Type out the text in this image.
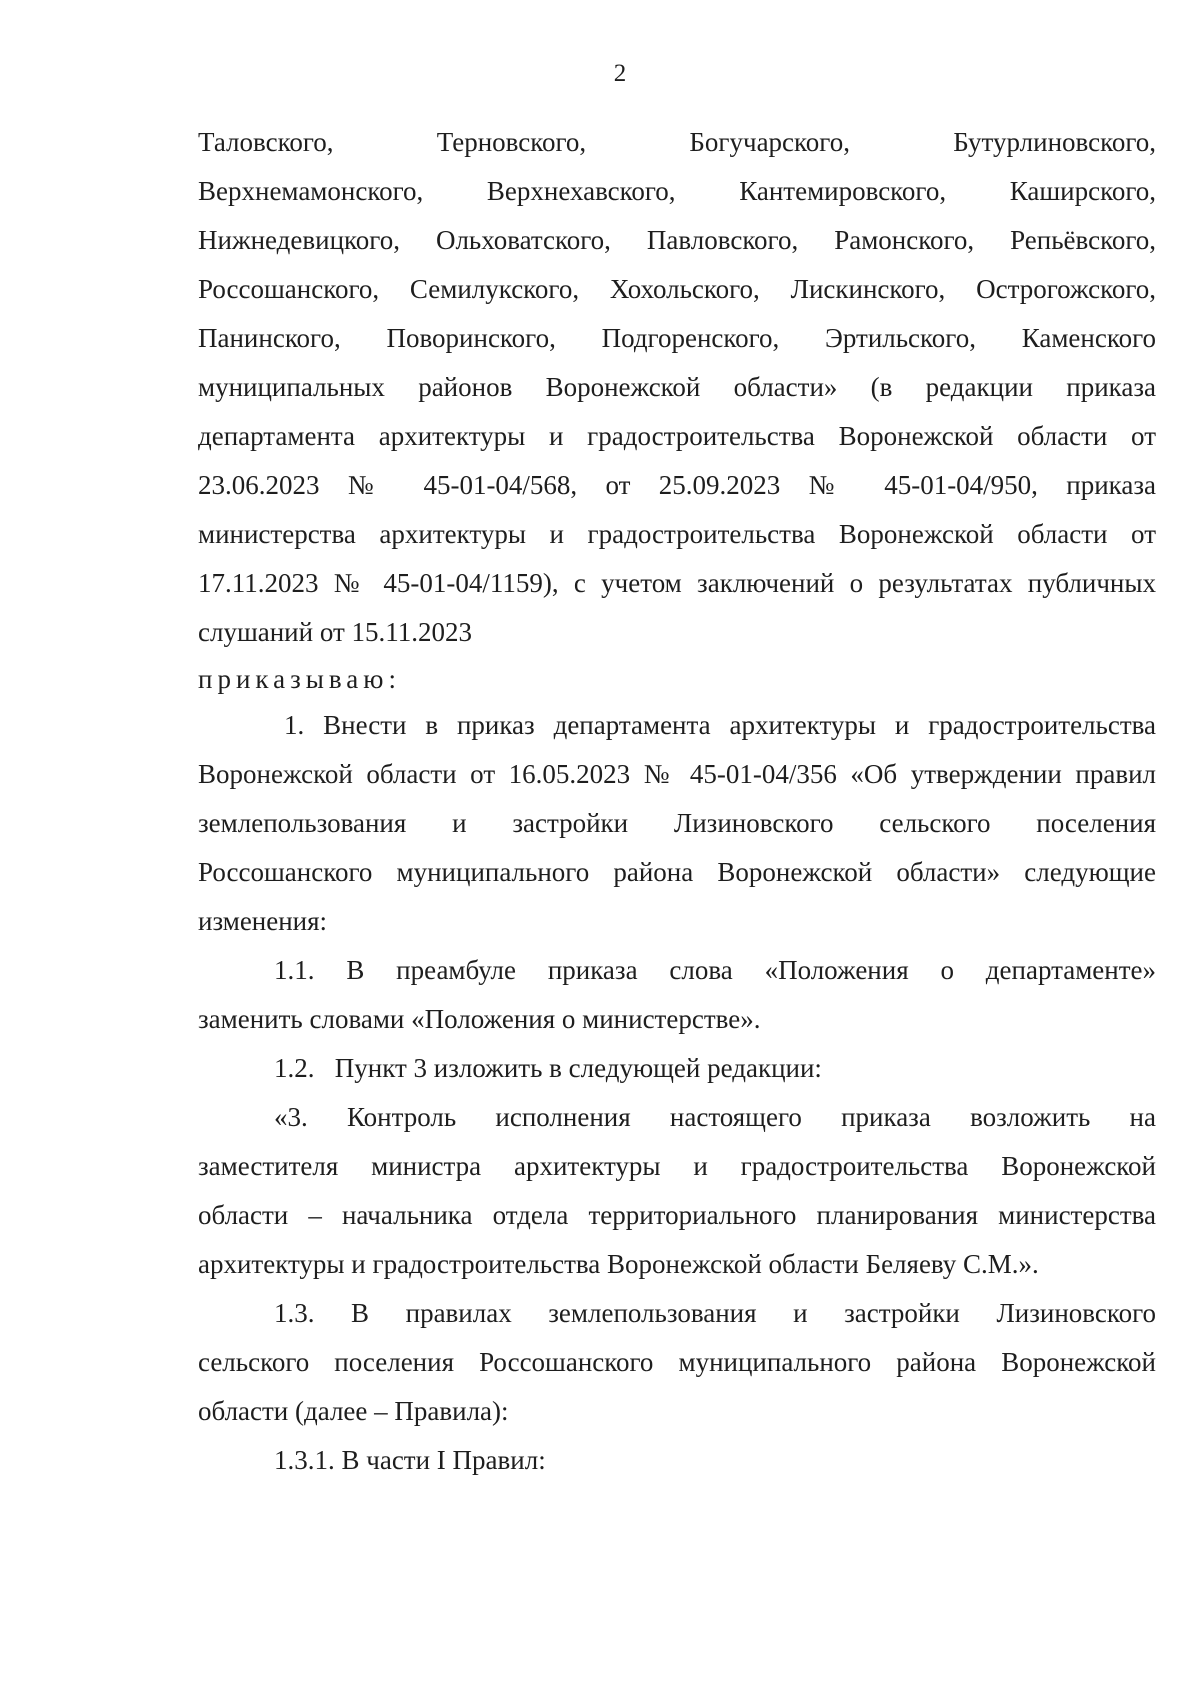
2
Таловского, Терновского, Богучарского, Бутурлиновского,
Верхнемамонского, Верхнехавского, Кантемировского, Каширского,
Нижнедевицкого, Ольховатского, Павловского, Рамонского, Репьёвского,
Россошанского, Семилукского, Хохольского, Лискинского, Острогожского,
Панинского, Поворинского, Подгоренского, Эртильского, Каменского
муниципальных районов Воронежской области» (в редакции приказа
департамента архитектуры и градостроительства Воронежской области от
23.06.2023 № 45-01-04/568, от 25.09.2023 № 45-01-04/950, приказа
министерства архитектуры и градостроительства Воронежской области от
17.11.2023 № 45-01-04/1159), с учетом заключений о результатах публичных
слушаний от 15.11.2023
приказываю:
1. Внести в приказ департамента архитектуры и градостроительства
Воронежской области от 16.05.2023 № 45-01-04/356 «Об утверждении правил
землепользования и застройки Лизиновского сельского поселения
Россошанского муниципального района Воронежской области» следующие
изменения:
1.1. В преамбуле приказа слова «Положения о департаменте»
заменить словами «Положения о министерстве».
1.2.   Пункт 3 изложить в следующей редакции:
«3. Контроль исполнения настоящего приказа возложить на
заместителя министра архитектуры и градостроительства Воронежской
области – начальника отдела территориального планирования министерства
архитектуры и градостроительства Воронежской области Беляеву С.М.».
1.3. В правилах землепользования и застройки Лизиновского
сельского поселения Россошанского муниципального района Воронежской
области (далее – Правила):
1.3.1. В части I Правил:
